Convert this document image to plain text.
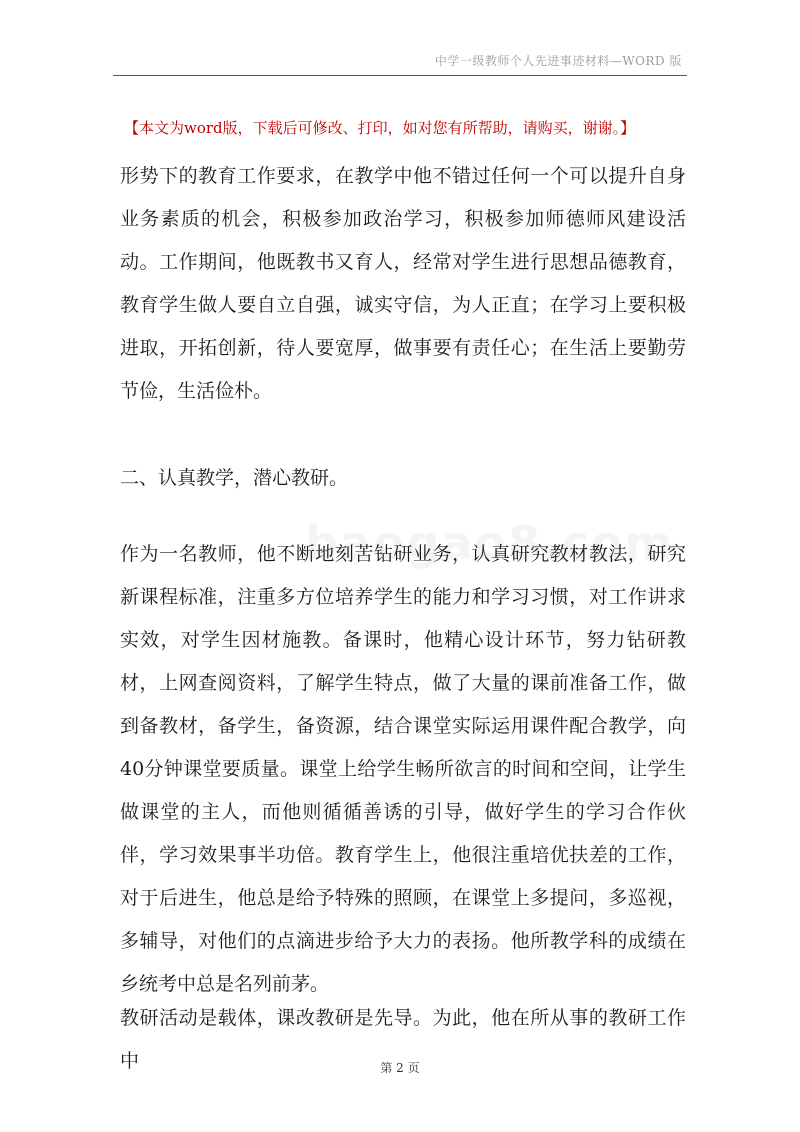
中学一级教师个人先进事迹材料—WORD 版
【本文为word版，下载后可修改、打印，如对您有所帮助，请购买，谢谢。】

形势下的教育工作要求，在教学中他不错过任何一个可以提升自身业务素质的机会，积极参加政治学习，积极参加师德师风建设活动。工作期间，他既教书又育人，经常对学生进行思想品德教育，教育学生做人要自立自强，诚实守信，为人正直；在学习上要积极进取，开拓创新，待人要宽厚，做事要有责任心；在生活上要勤劳节俭，生活俭朴。

二、认真教学，潜心教研。

作为一名教师，他不断地刻苦钻研业务，认真研究教材教法，研究新课程标准，注重多方位培养学生的能力和学习习惯，对工作讲求实效，对学生因材施教。备课时，他精心设计环节，努力钻研教材，上网查阅资料，了解学生特点，做了大量的课前准备工作，做到备教材，备学生，备资源，结合课堂实际运用课件配合教学，向40分钟课堂要质量。课堂上给学生畅所欲言的时间和空间，让学生做课堂的主人，而他则循循善诱的引导，做好学生的学习合作伙伴，学习效果事半功倍。教育学生上，他很注重培优扶差的工作，对于后进生，他总是给予特殊的照顾，在课堂上多提问，多巡视，多辅导，对他们的点滴进步给予大力的表扬。他所教学科的成绩在乡统考中总是名列前茅。

教研活动是载体，课改教研是先导。为此，他在所从事的教研工作中	第 2 页
